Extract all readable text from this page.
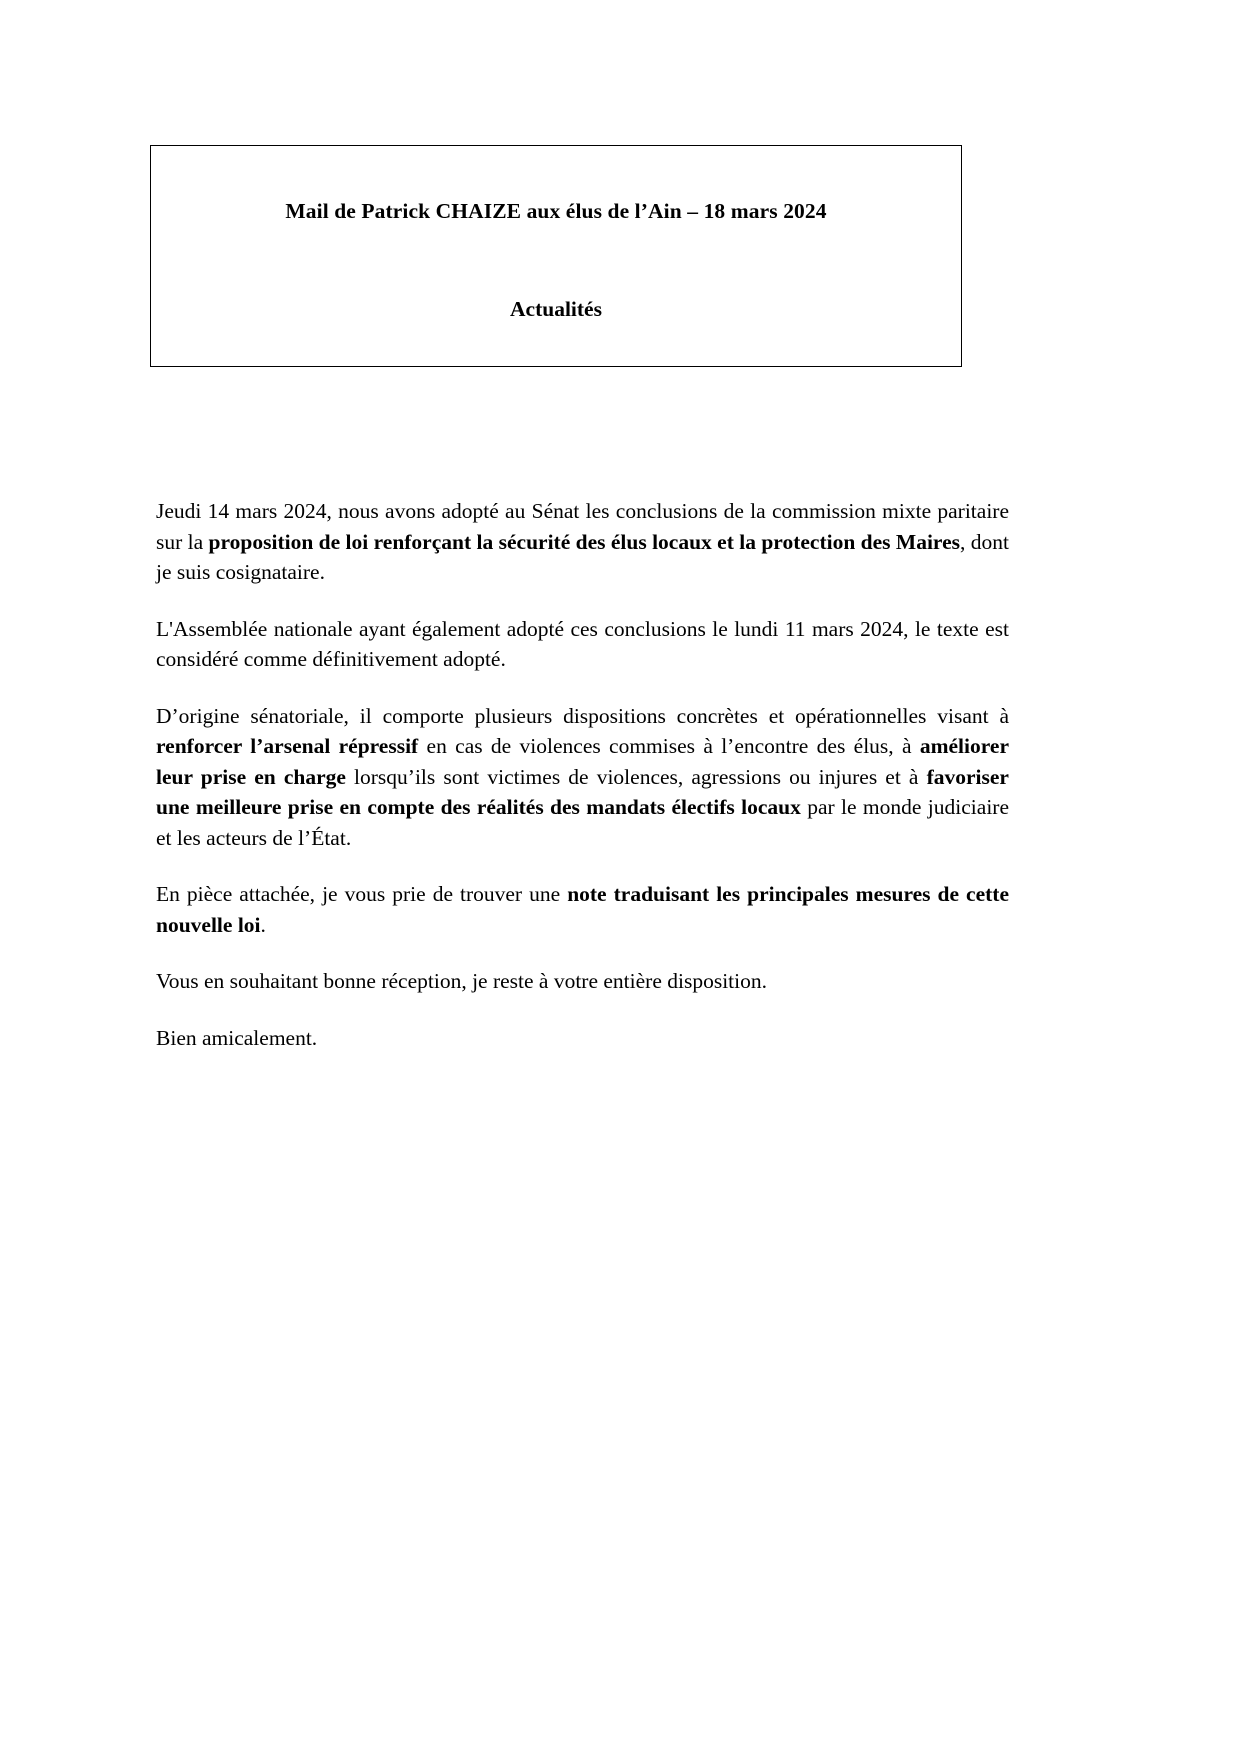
Mail de Patrick CHAIZE aux élus de l’Ain – 18 mars 2024
Actualités

Jeudi 14 mars 2024, nous avons adopté au Sénat les conclusions de la commission mixte paritaire sur la proposition de loi renforçant la sécurité des élus locaux et la protection des Maires, dont je suis cosignataire.

L'Assemblée nationale ayant également adopté ces conclusions le lundi 11 mars 2024, le texte est considéré comme définitivement adopté.

D’origine sénatoriale, il comporte plusieurs dispositions concrètes et opérationnelles visant à renforcer l’arsenal répressif en cas de violences commises à l’encontre des élus, à améliorer leur prise en charge lorsqu’ils sont victimes de violences, agressions ou injures et à favoriser une meilleure prise en compte des réalités des mandats électifs locaux par le monde judiciaire et les acteurs de l’État.

En pièce attachée, je vous prie de trouver une note traduisant les principales mesures de cette nouvelle loi.

Vous en souhaitant bonne réception, je reste à votre entière disposition.

Bien amicalement.
